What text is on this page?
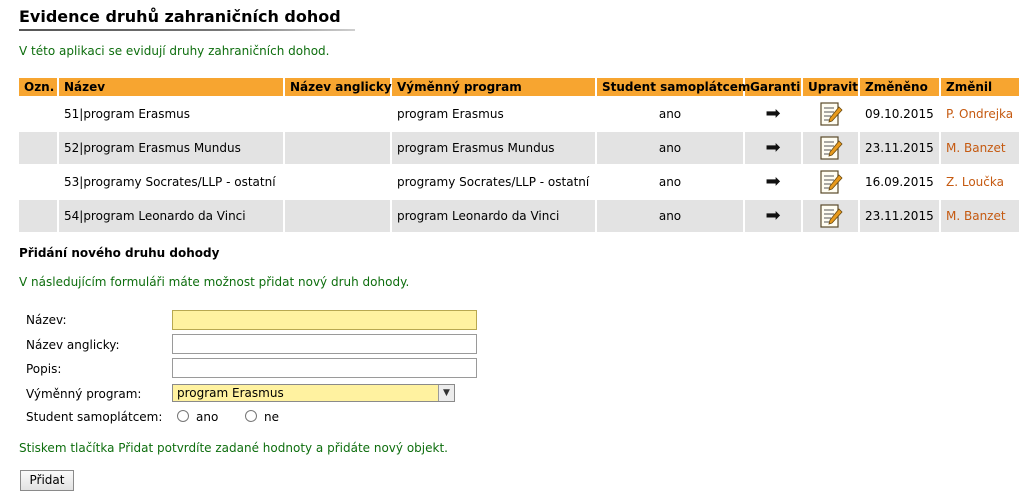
Evidence druhů zahraničních dohod
V této aplikaci se evidují druhy zahraničních dohod.
Ozn.	Název	Název anglicky	Výměnný program	Student samoplátcem	Garanti	Upravit	Změněno	Změnil
	51|program Erasmus		program Erasmus	ano	➡		09.10.2015	P. Ondrejka
	52|program Erasmus Mundus		program Erasmus Mundus	ano	➡		23.11.2015	M. Banzet
	53|programy Socrates/LLP - ostatní		programy Socrates/LLP - ostatní	ano	➡		16.09.2015	Z. Loučka
	54|program Leonardo da Vinci		program Leonardo da Vinci	ano	➡		23.11.2015	M. Banzet
Přidání nového druhu dohody
V následujícím formuláři máte možnost přidat nový druh dohody.
Název:
Název anglicky:
Popis:
Výměnný program:	program Erasmus	▼
Student samoplátcem:	ano	ne
Stiskem tlačítka Přidat potvrdíte zadané hodnoty a přidáte nový objekt.
Přidat
